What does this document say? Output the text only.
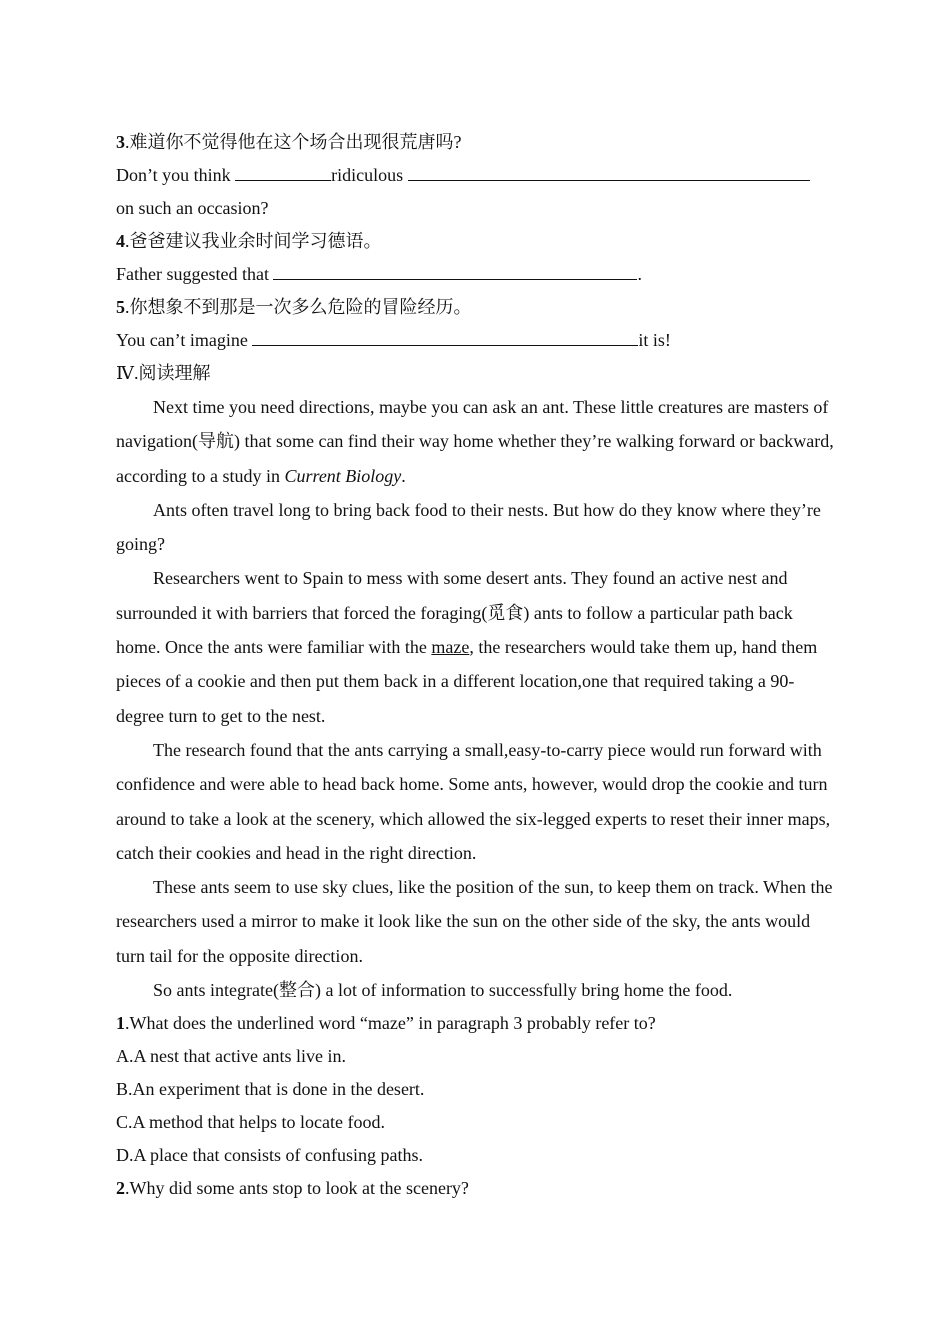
3.难道你不觉得他在这个场合出现很荒唐吗?

Don’t you think	ridiculous

on such an occasion?

4.爸爸建议我业余时间学习德语。

Father suggested that	.

5.你想象不到那是一次多么危险的冒险经历。

You can’t imagine	it is!

Ⅳ.阅读理解

Next time you need directions, maybe you can ask an ant. These little creatures are masters of navigation(导航) that some can find their way home whether they’re walking forward or backward, according to a study in Current Biology.

Ants often travel long to bring back food to their nests. But how do they know where they’re going?

Researchers went to Spain to mess with some desert ants. They found an active nest and surrounded it with barriers that forced the foraging(觅食) ants to follow a particular path back home. Once the ants were familiar with the maze, the researchers would take them up, hand them pieces of a cookie and then put them back in a different location,one that required taking a 90-degree turn to get to the nest.

The research found that the ants carrying a small,easy-to-carry piece would run forward with confidence and were able to head back home. Some ants, however, would drop the cookie and turn around to take a look at the scenery, which allowed the six-legged experts to reset their inner maps, catch their cookies and head in the right direction.

These ants seem to use sky clues, like the position of the sun, to keep them on track. When the researchers used a mirror to make it look like the sun on the other side of the sky, the ants would turn tail for the opposite direction.

So ants integrate(整合) a lot of information to successfully bring home the food.

1.What does the underlined word “maze” in paragraph 3 probably refer to?

A.A nest that active ants live in.

B.An experiment that is done in the desert.

C.A method that helps to locate food.

D.A place that consists of confusing paths.

2.Why did some ants stop to look at the scenery?
